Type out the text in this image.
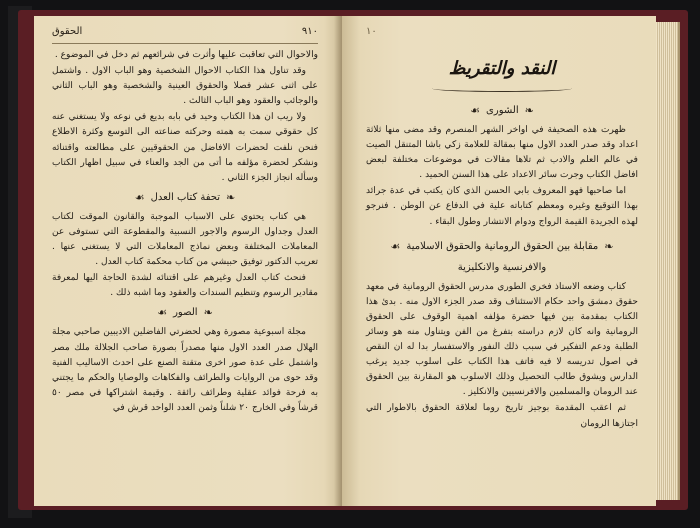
٩١٠
الحقوق

والاحوال التي تعاقبت عليها وأثرت في شرائعهم ثم دخل في الموضوع .

وقد تناول هذا الكتاب الاحوال الشخصية وهو الباب الاول . واشتمل على اثنى عشر فصلا والحقوق العينية والشخصية وهو الباب الثاني والوجائب والعقود وهو الباب الثالث .

ولا ريب ان هذا الكتاب وحيد في بابه بديع في نوعه ولا يستغني عنه كل حقوقي سمت به همته وحركته صناعته الى التوسع وكثرة الاطلاع فنحن نلفت لحضرات الافاضل من الحقوقيين على مطالعته واقتنائه ونشكر لحضرة مؤلفه ما أتى من الجد والعناء في سبيل اظهار الكتاب وسأله انجاز الجزء الثاني .

❧
تحفة كتاب العدل
☙

هي كتاب يحتوي على الاسباب الموجبة والقانون الموقت لكتاب العدل وجداول الرسوم والاجور النسبية والمقطوعة التي تستوفى عن المعاملات المختلفة وبعض نماذج المعاملات التي لا يستغنى عنها . تعريب الدكتور توفيق حبيشي من كتاب محكمة كتاب العدل .

فنحث كتاب العدل وغيرهم على اقتنائه لشدة الحاجة اليها لمعرفة مقادير الرسوم وتنظيم السندات والعقود وما اشبه ذلك .

❧
الصور
☙

مجلة اسبوعية مصورة وهي لحضرتي الفاضلين الاديبين صاحبي مجلة الهلال صدر العدد الاول منها مصدراً بصورة صاحب الجلالة ملك مصر واشتمل على عدة صور اخرى متقنة الصنع على احدث الاساليب الفنية وقد حوى من الروايات والطرائف والفكاهات والوصايا والحكم ما يجتني به فرحة فوائد عقلية وطرائف رائقة . وقيمة اشتراكها في مصر ٥٠ قرشاً وفي الخارج ٢٠ شلناً وثمن العدد الواحد قرش في

١٠
النقد والتقريظ
❧
الشورى
☙

ظهرت هذه الصحيفة في اواخر الشهر المنصرم وقد مضى منها ثلاثة اعداد وقد صدر العدد الاول منها بمقالة للعلامة زكي باشا المتنقل الصيت في عالم العلم والادب ثم تلاها مقالات في موضوعات مختلفة لبعض افاضل الكتاب وجرت سائر الاعداد على هذا السنن الحميد .

اما صاحبها فهو المعروف بابي الحسن الذي كان يكتب في عدة جرائد بهذا التوقيع وغيره ومعظم كتاباته علية في الدفاع عن الوطن . فنرجو لهذه الجريدة القيمة الرواج ودوام الانتشار وطول البقاء .

❧
مقابلة بين الحقوق الرومانية والحقوق الاسلامية
☙
والافرنسية والانكليزية

كتاب وضعه الاستاذ فخري الطوري مدرس الحقوق الرومانية في معهد حقوق دمشق واحد حكام الاستئناف وقد صدر الجزء الاول منه . بدئ هذا الكتاب بمقدمة بين فيها حضرة مؤلفه اهمية الوقوف على الحقوق الرومانية وانه كان لازم دراسته بتفرغ من الفن ويتناول منه هو وسائر الطلبة ودعم التفكير في سبب ذلك النفور والاستفسار بدا له ان النقص في اصول تدريسه لا فيه فاتف هذا الكتاب على اسلوب جديد يرغب الدارس ويشوق طالب التحصيل وذلك الاسلوب هو المقارنة بين الحقوق عند الرومان والمسلمين والافرنسيين والانكليز .

ثم اعقب المقدمة بوجيز تاريخ روما لعلاقة الحقوق بالاطوار التي اجتازها الرومان
